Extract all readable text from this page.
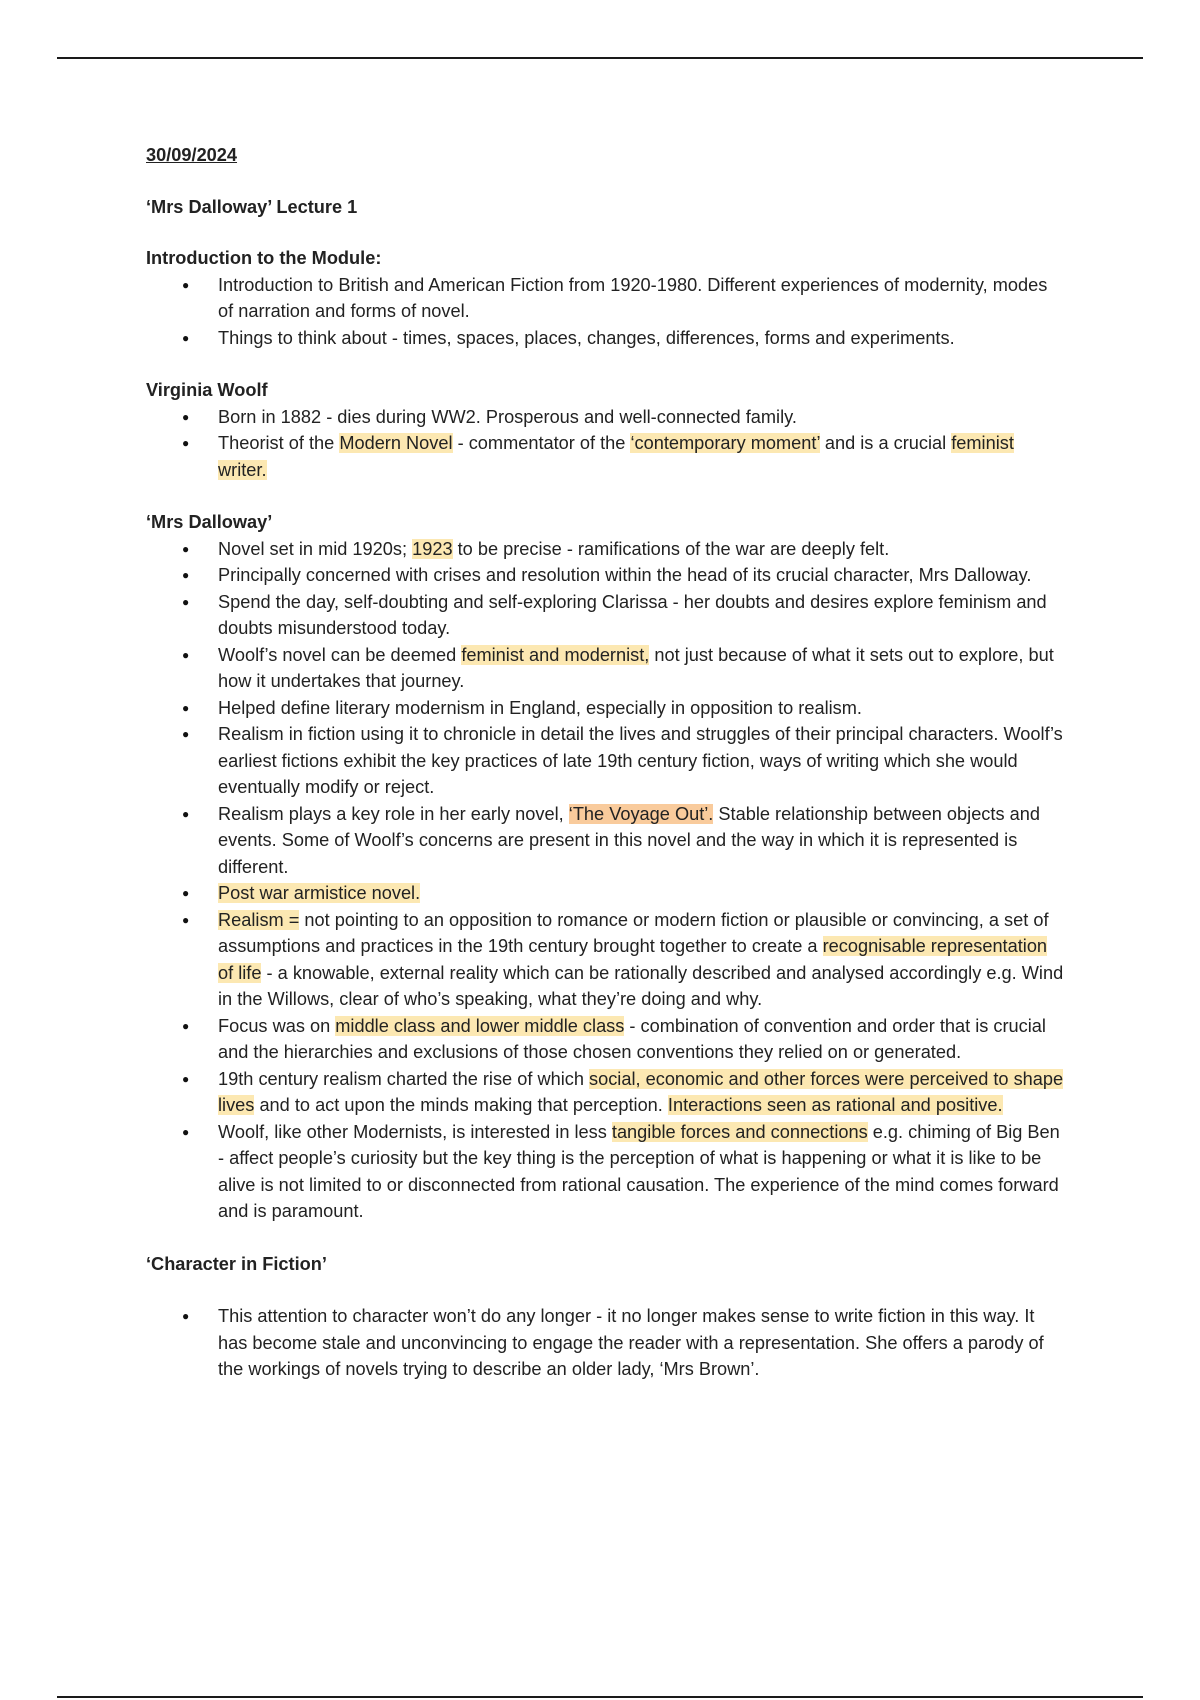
30/09/2024

‘Mrs Dalloway’ Lecture 1

Introduction to the Module:

● Introduction to British and American Fiction from 1920-1980. Different experiences of modernity, modes of narration and forms of novel.
● Things to think about - times, spaces, places, changes, differences, forms and experiments.

Virginia Woolf

● Born in 1882 - dies during WW2. Prosperous and well-connected family.
● Theorist of the Modern Novel - commentator of the ‘contemporary moment’ and is a crucial feminist writer.

‘Mrs Dalloway’

● Novel set in mid 1920s; 1923 to be precise - ramifications of the war are deeply felt.
● Principally concerned with crises and resolution within the head of its crucial character, Mrs Dalloway.
● Spend the day, self-doubting and self-exploring Clarissa - her doubts and desires explore feminism and doubts misunderstood today.
● Woolf’s novel can be deemed feminist and modernist, not just because of what it sets out to explore, but how it undertakes that journey.
● Helped define literary modernism in England, especially in opposition to realism.
● Realism in fiction using it to chronicle in detail the lives and struggles of their principal characters. Woolf’s earliest fictions exhibit the key practices of late 19th century fiction, ways of writing which she would eventually modify or reject.
● Realism plays a key role in her early novel, ‘The Voyage Out’. Stable relationship between objects and events. Some of Woolf’s concerns are present in this novel and the way in which it is represented is different.
● Post war armistice novel.
● Realism = not pointing to an opposition to romance or modern fiction or plausible or convincing, a set of assumptions and practices in the 19th century brought together to create a recognisable representation of life - a knowable, external reality which can be rationally described and analysed accordingly e.g. Wind in the Willows, clear of who’s speaking, what they’re doing and why.
● Focus was on middle class and lower middle class - combination of convention and order that is crucial and the hierarchies and exclusions of those chosen conventions they relied on or generated.
● 19th century realism charted the rise of which social, economic and other forces were perceived to shape lives and to act upon the minds making that perception. Interactions seen as rational and positive.
● Woolf, like other Modernists, is interested in less tangible forces and connections e.g. chiming of Big Ben - affect people’s curiosity but the key thing is the perception of what is happening or what it is like to be alive is not limited to or disconnected from rational causation. The experience of the mind comes forward and is paramount.

‘Character in Fiction’

● This attention to character won’t do any longer - it no longer makes sense to write fiction in this way. It has become stale and unconvincing to engage the reader with a representation. She offers a parody of the workings of novels trying to describe an older lady, ‘Mrs Brown’.
